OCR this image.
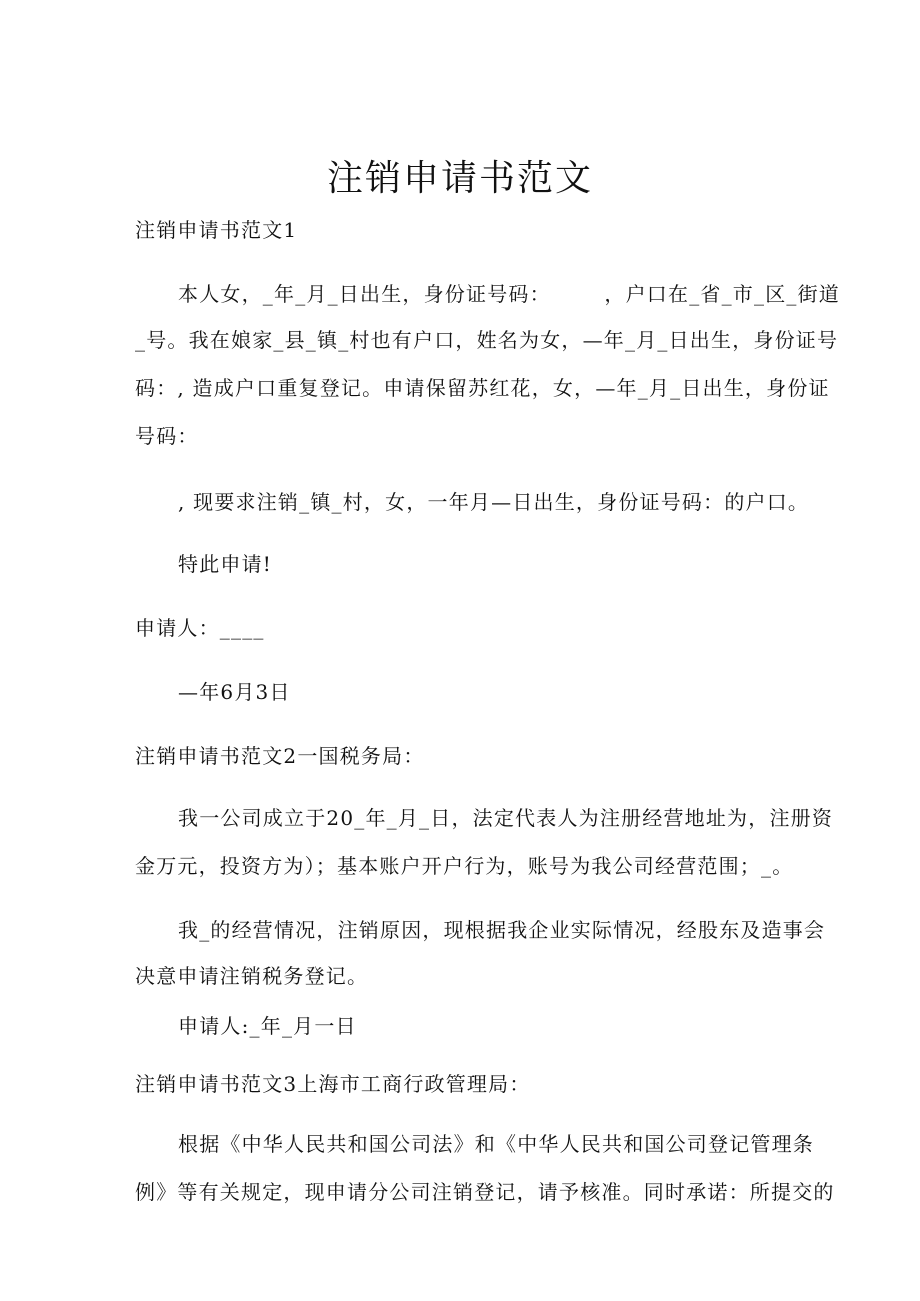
注销申请书范文
注销申请书范文1
本人女，_年_月_日出生，身份证号码：　　　，户口在_省_市_区_街道
_号。我在娘家_县_镇_村也有户口，姓名为女，—年_月_日出生，身份证号
码：, 造成户口重复登记。申请保留苏红花，女，—年_月_日出生，身份证
号码：
, 现要求注销_镇_村，女，一年月—日出生，身份证号码：的户口。
特此申请!
申请人：____
—年6月3日
注销申请书范文2一国税务局：
我一公司成立于20_年_月_日，法定代表人为注册经营地址为，注册资
金万元，投资方为）；基本账户开户行为，账号为我公司经营范围；_。
我_的经营情况，注销原因，现根据我企业实际情况，经股东及造事会
决意申请注销税务登记。
申请人:_年_月一日
注销申请书范文3上海市工商行政管理局：
根据《中华人民共和国公司法》和《中华人民共和国公司登记管理条
例》等有关规定，现申请分公司注销登记，请予核准。同时承诺：所提交的
